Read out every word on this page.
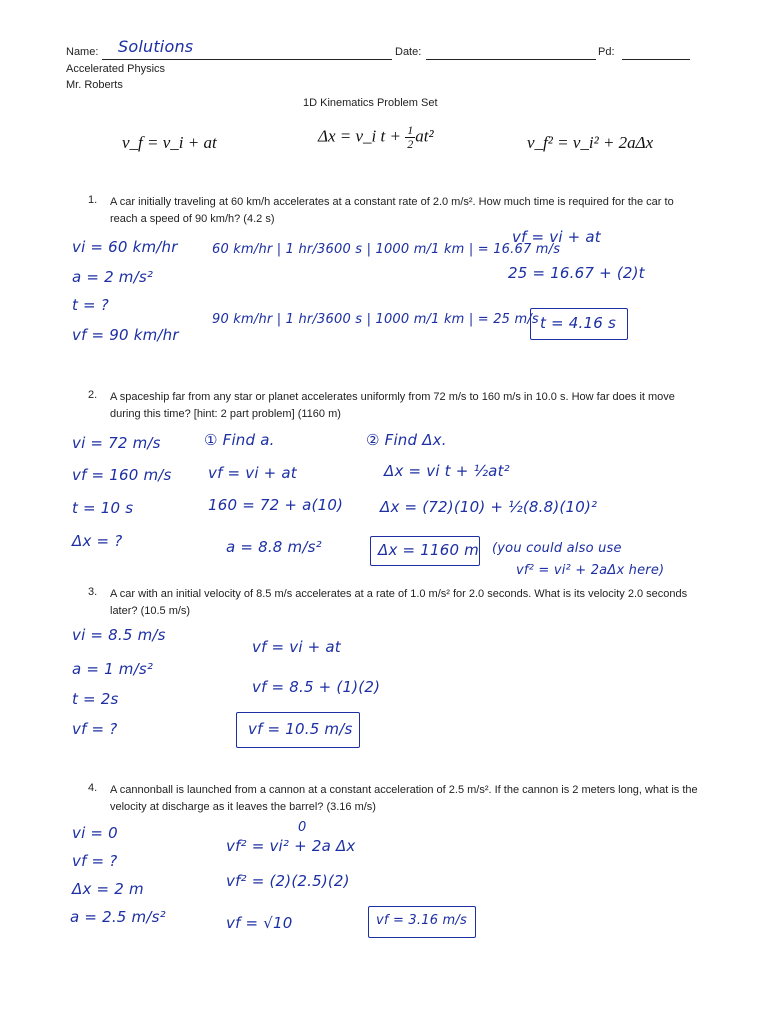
Name: Solutions	Date:	Pd:
Accelerated Physics
Mr. Roberts
1D Kinematics Problem Set
v_f = v_i + at	Δx = v_i $t + \frac{1}{2} at^2$	v_f² = v_i² + 2aΔx
1. A car initially traveling at 60 km/h accelerates at a constant rate of 2.0 m/s². How much time is required for the car to reach a speed of 90 km/h? (4.2 s)
vi = 60 km/hr
a = 2 m/s²
t = ?
vf = 90 km/hr
60 km/hr | 1 hr/3600 s | 1000 m/1 km | = 16.67 m/s
90 km/hr | 1 hr/3600 s | 1000 m/1 km | = 25 m/s
vf = vi + at
25 = 16.67 + (2)t
t = 4.16 s
2. A spaceship far from any star or planet accelerates uniformly from 72 m/s to 160 m/s in 10.0 s. How far does it move during this time? [hint: 2 part problem] (1160 m)
vi = 72 m/s
vf = 160 m/s
t = 10 s
Δx = ?
① Find a.
vf = vi + at
160 = 72 + a(10)
a = 8.8 m/s²
② Find Δx.
Δx = vi t + ½at²
Δx = (72)(10) + ½(8.8)(10)²
Δx = 1160 m (you could also use
vf² = vi² + 2aΔx here)
3. A car with an initial velocity of 8.5 m/s accelerates at a rate of 1.0 m/s² for 2.0 seconds. What is its velocity 2.0 seconds later? (10.5 m/s)
vi = 8.5 m/s
a = 1 m/s²
t = 2s
vf = ?
vf = vi + at
vf = 8.5 + (1)(2)
vf = 10.5 m/s
4. A cannonball is launched from a cannon at a constant acceleration of 2.5 m/s². If the cannon is 2 meters long, what is the velocity at discharge as it leaves the barrel? (3.16 m/s)
vi = 0
vf = ?
Δx = 2 m
a = 2.5 m/s²
vf² = vi² + 2a Δx
0
vf² = (2)(2.5)(2)
vf = √10	vf = 3.16 m/s
